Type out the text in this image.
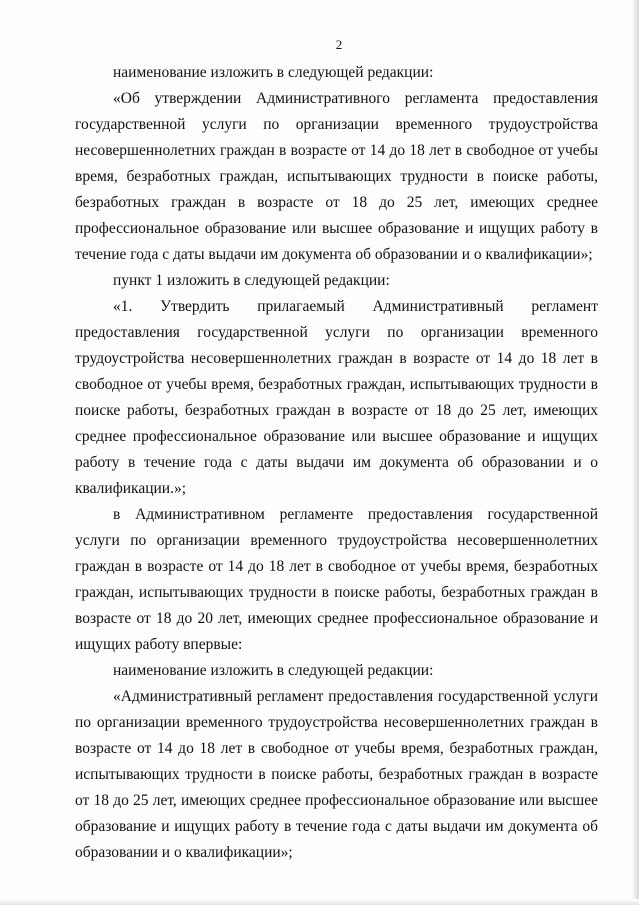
2

наименование изложить в следующей редакции:

«Об утверждении Административного регламента предоставления государственной услуги по организации временного трудоустройства несовершеннолетних граждан в возрасте от 14 до 18 лет в свободное от учебы время, безработных граждан, испытывающих трудности в поиске работы, безработных граждан в возрасте от 18 до 25 лет, имеющих среднее профессиональное образование или высшее образование и ищущих работу в течение года с даты выдачи им документа об образовании и о квалификации»;

пункт 1 изложить в следующей редакции:

«1. Утвердить прилагаемый Административный регламент предоставления государственной услуги по организации временного трудоустройства несовершеннолетних граждан в возрасте от 14 до 18 лет в свободное от учебы время, безработных граждан, испытывающих трудности в поиске работы, безработных граждан в возрасте от 18 до 25 лет, имеющих среднее профессиональное образование или высшее образование и ищущих работу в течение года с даты выдачи им документа об образовании и о квалификации.»;

в Административном регламенте предоставления государственной услуги по организации временного трудоустройства несовершеннолетних граждан в возрасте от 14 до 18 лет в свободное от учебы время, безработных граждан, испытывающих трудности в поиске работы, безработных граждан в возрасте от 18 до 20 лет, имеющих среднее профессиональное образование и ищущих работу впервые:

наименование изложить в следующей редакции:

«Административный регламент предоставления государственной услуги по организации временного трудоустройства несовершеннолетних граждан в возрасте от 14 до 18 лет в свободное от учебы время, безработных граждан, испытывающих трудности в поиске работы, безработных граждан в возрасте от 18 до 25 лет, имеющих среднее профессиональное образование или высшее образование и ищущих работу в течение года с даты выдачи им документа об образовании и о квалификации»;
